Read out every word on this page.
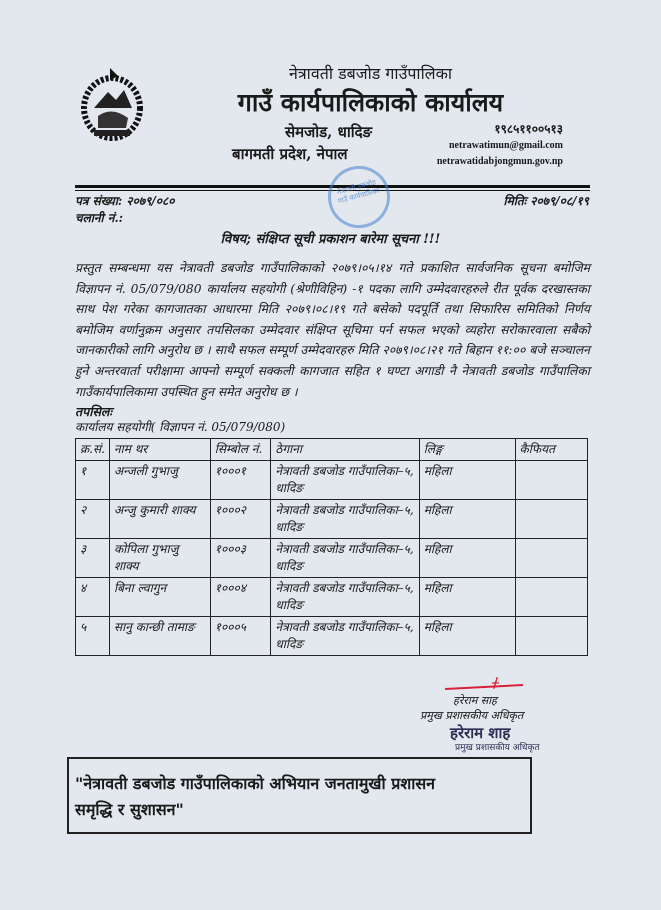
नेत्रावती डबजोड गाउँपालिका
गाउँ कार्यपालिकाको कार्यालय
सेमजोड, धादिङ
बागमती प्रदेश, नेपाल
१९८५११००५१३
netrawatimun@gmail.com
netrawatidabjongmun.gov.np
नेत्रावती डबजोड गाउँ कार्यपालिका
पत्र संख्या: २०७९/०८०	मितिः २०७९/०८/१९
चलानी नं.:
विषय; संक्षिप्त सूची प्रकाशन बारेमा सूचना !!!
प्रस्तुत सम्बन्धमा यस नेत्रावती डबजोड गाउँपालिकाको २०७९।०५।१४ गते प्रकाशित सार्वजनिक सूचना बमोजिम विज्ञापन नं. 05/079/080 कार्यालय सहयोगी (श्रेणीविहिन) -१ पदका लागि उम्मेदवारहरुले रीत पूर्वक दरखास्तका साथ पेश गरेका कागजातका आधारमा मिति २०७९।०८।१९ गते बसेको पदपूर्ति तथा सिफारिस समितिको निर्णय बमोजिम वर्णानुक्रम अनुसार तपसिलका उम्मेदवार संक्षिप्त सूचिमा पर्न सफल भएको व्यहोरा सरोकारवाला सबैको जानकारीको लागि अनुरोध छ । साथै सफल सम्पूर्ण उम्मेदवारहरु मिति २०७९।०८।२१ गते बिहान ११:०० बजे सञ्चालन हुने अन्तरवार्ता परीक्षामा आफ्नो सम्पूर्ण सक्कली कागजात सहित १ घण्टा अगाडी नै नेत्रावती डबजोड गाउँपालिका गाउँकार्यपालिकामा उपस्थित हुन समेत अनुरोध छ ।
तपसिलः
कार्यालय सहयोगी( विज्ञापन नं. 05/079/080)
क्र.सं.	नाम थर	सिम्बोल नं.	ठेगाना	लिङ्ग	कैफियत
१	अन्जली गुभाजु	१०००१	नेत्रावती डबजोड गाउँपालिका–५, धादिङ	महिला	
२	अन्जु कुमारी शाक्य	१०००२	नेत्रावती डबजोड गाउँपालिका–५, धादिङ	महिला	
३	कोपिला गुभाजु शाक्य	१०००३	नेत्रावती डबजोड गाउँपालिका–५, धादिङ	महिला	
४	बिना ल्वागुन	१०००४	नेत्रावती डबजोड गाउँपालिका–५, धादिङ	महिला	
५	सानु कान्छी तामाङ	१०००५	नेत्रावती डबजोड गाउँपालिका–५, धादिङ	महिला	
ᚋ
हरेराम साह
प्रमुख प्रशासकीय अधिकृत
हरेराम शाह
प्रमुख प्रशासकीय अधिकृत
"नेत्रावती डबजोड गाउँपालिकाको अभियान जनतामुखी प्रशासन
समृद्धि र सुशासन"
